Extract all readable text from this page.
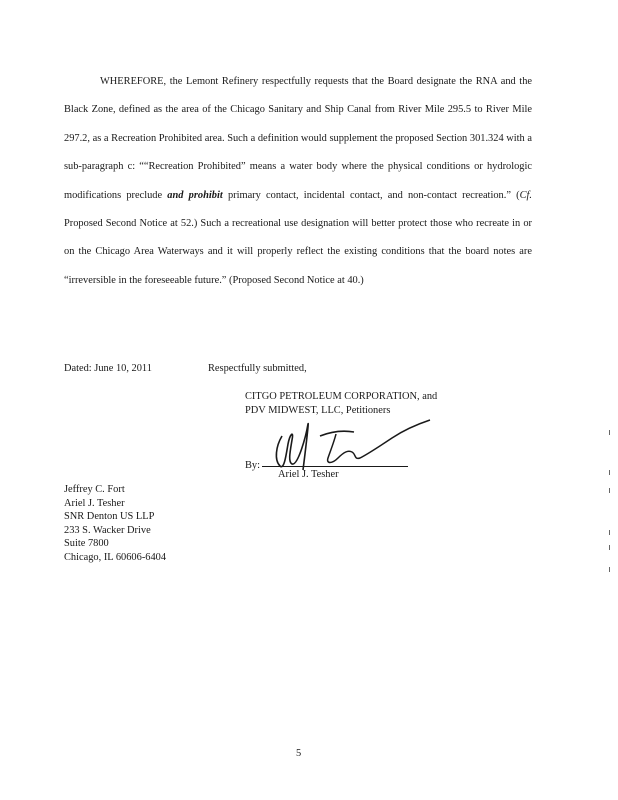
WHEREFORE, the Lemont Refinery respectfully requests that the Board designate the RNA and the Black Zone, defined as the area of the Chicago Sanitary and Ship Canal from River Mile 295.5 to River Mile 297.2, as a Recreation Prohibited area. Such a definition would supplement the proposed Section 301.324 with a sub-paragraph c: ““Recreation Prohibited” means a water body where the physical conditions or hydrologic modifications preclude and prohibit primary contact, incidental contact, and non-contact recreation.” (Cf. Proposed Second Notice at 52.) Such a recreational use designation will better protect those who recreate in or on the Chicago Area Waterways and it will properly reflect the existing conditions that the board notes are “irreversible in the foreseeable future.” (Proposed Second Notice at 40.)
Dated: June 10, 2011	Respectfully submitted,
CITGO PETROLEUM CORPORATION, and
PDV MIDWEST, LLC, Petitioners
By:
Ariel J. Tesher
Jeffrey C. Fort
Ariel J. Tesher
SNR Denton US LLP
233 S. Wacker Drive
Suite 7800
Chicago, IL 60606-6404
5
